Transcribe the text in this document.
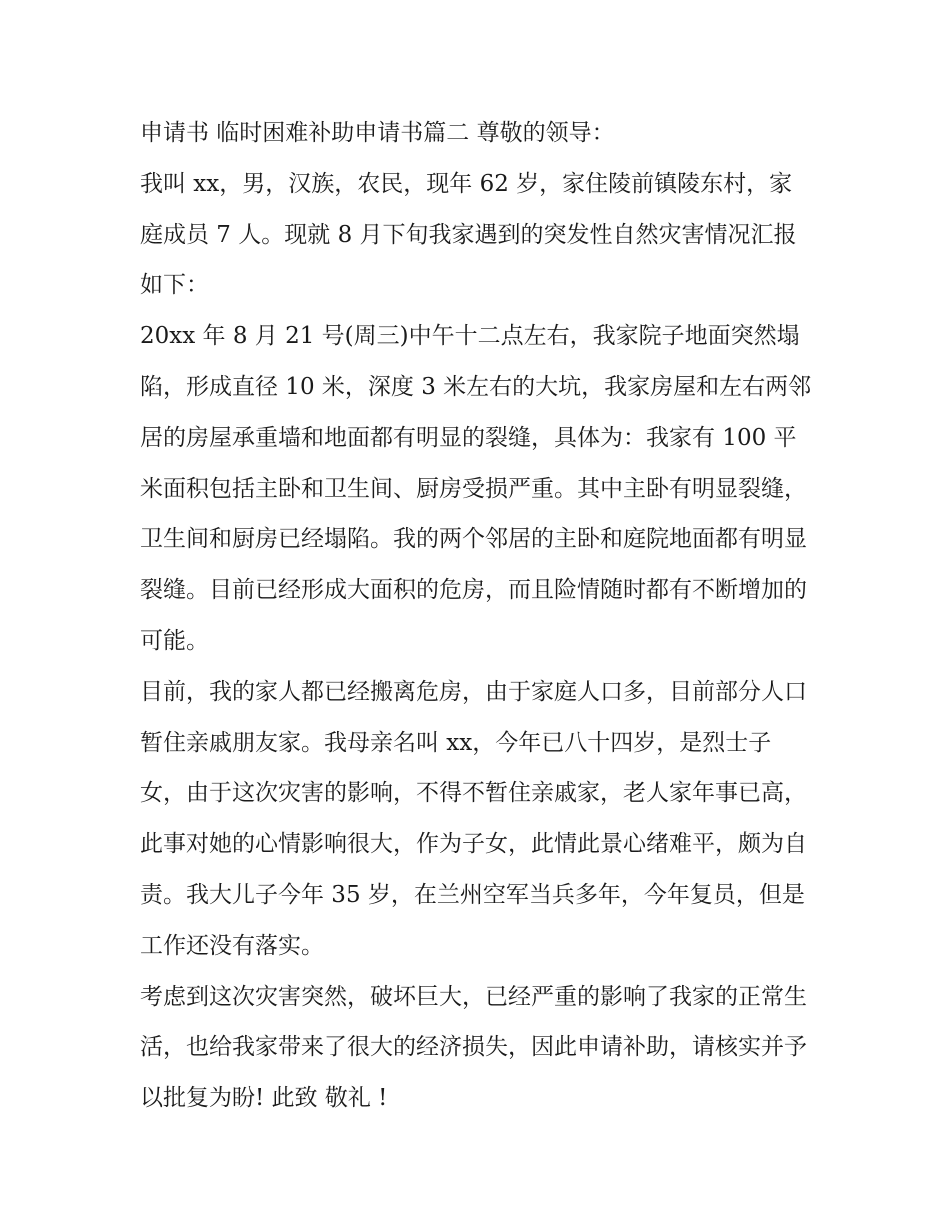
申请书 临时困难补助申请书篇二 尊敬的领导：

我叫 xx，男，汉族，农民，现年 62 岁，家住陵前镇陵东村，家庭成员 7 人。现就 8 月下旬我家遇到的突发性自然灾害情况汇报如下：

20xx 年 8 月 21 号(周三)中午十二点左右，我家院子地面突然塌陷，形成直径 10 米，深度 3 米左右的大坑，我家房屋和左右两邻居的房屋承重墙和地面都有明显的裂缝，具体为：我家有 100 平米面积包括主卧和卫生间、厨房受损严重。其中主卧有明显裂缝，卫生间和厨房已经塌陷。我的两个邻居的主卧和庭院地面都有明显裂缝。目前已经形成大面积的危房，而且险情随时都有不断增加的可能。

目前，我的家人都已经搬离危房，由于家庭人口多，目前部分人口暂住亲戚朋友家。我母亲名叫 xx，今年已八十四岁，是烈士子女，由于这次灾害的影响，不得不暂住亲戚家，老人家年事已高，此事对她的心情影响很大，作为子女，此情此景心绪难平，颇为自责。我大儿子今年 35 岁，在兰州空军当兵多年，今年复员，但是工作还没有落实。

考虑到这次灾害突然，破坏巨大，已经严重的影响了我家的正常生活，也给我家带来了很大的经济损失，因此申请补助，请核实并予以批复为盼! 此致 敬礼 !
